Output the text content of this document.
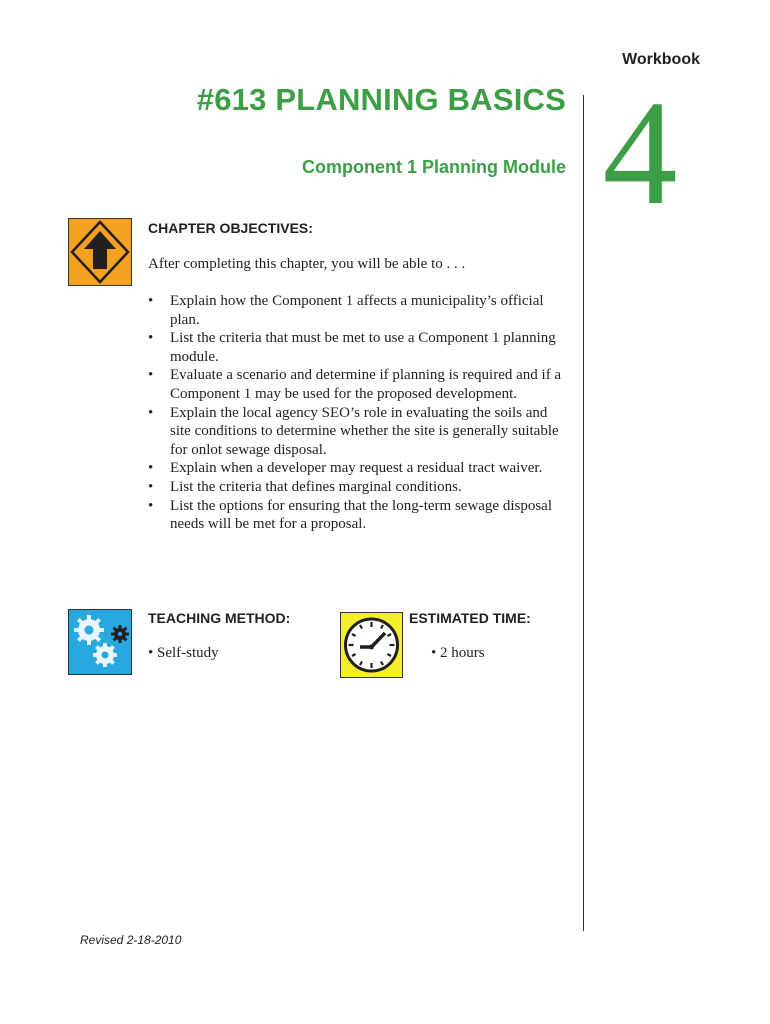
Workbook
4
#613 PLANNING BASICS
Component 1 Planning Module
CHAPTER OBJECTIVES:
After completing this chapter, you will be able to . . .
• Explain how the Component 1 affects a municipality’s official plan.
• List the criteria that must be met to use a Component 1 planning module.
• Evaluate a scenario and determine if planning is required and if a Component 1 may be used for the proposed development.
• Explain the local agency SEO’s role in evaluating the soils and site conditions to determine whether the site is generally suitable for onlot sewage disposal.
• Explain when a developer may request a residual tract waiver.
• List the criteria that defines marginal conditions.
• List the options for ensuring that the long-term sewage disposal needs will be met for a proposal.
TEACHING METHOD:
• Self-study
ESTIMATED TIME:
• 2 hours
Revised 2-18-2010
